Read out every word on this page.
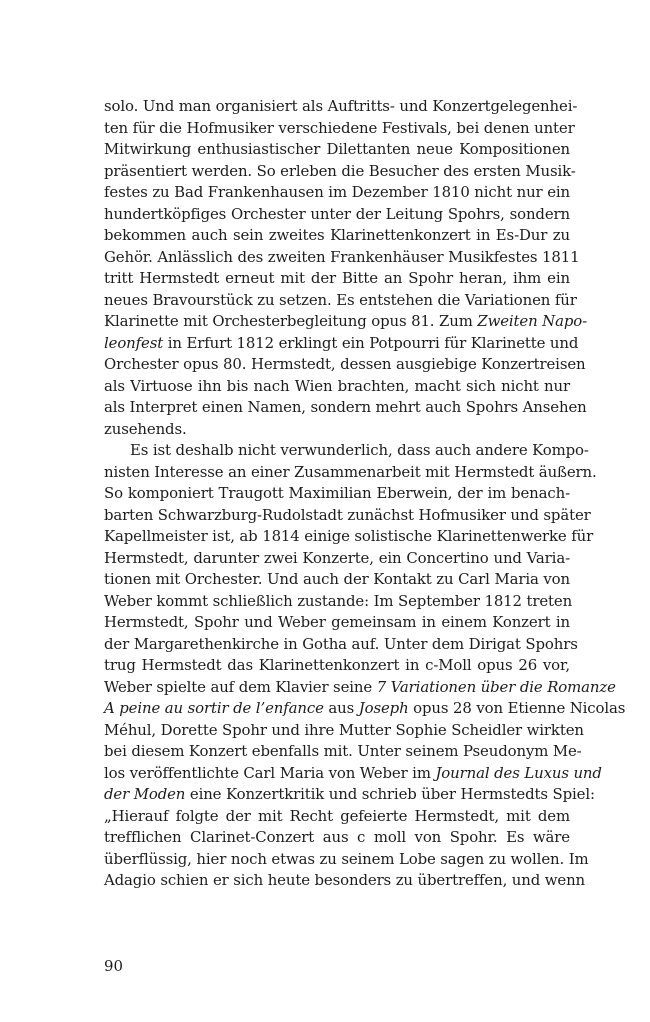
solo. Und man organisiert als Auftritts- und Konzertgelegenhei-
ten für die Hofmusiker verschiedene Festivals, bei denen unter
Mitwirkung enthusiastischer Dilettanten neue Kompositionen
präsentiert werden. So erleben die Besucher des ersten Musik-
festes zu Bad Frankenhausen im Dezember 1810 nicht nur ein
hundertköpfiges Orchester unter der Leitung Spohrs, sondern
bekommen auch sein zweites Klarinettenkonzert in Es-Dur zu
Gehör. Anlässlich des zweiten Frankenhäuser Musikfestes 1811
tritt Hermstedt erneut mit der Bitte an Spohr heran, ihm ein
neues Bravourstück zu setzen. Es entstehen die Variationen für
Klarinette mit Orchesterbegleitung opus 81. Zum Zweiten Napo-
leonfest in Erfurt 1812 erklingt ein Potpourri für Klarinette und
Orchester opus 80. Hermstedt, dessen ausgiebige Konzertreisen
als Virtuose ihn bis nach Wien brachten, macht sich nicht nur
als Interpret einen Namen, sondern mehrt auch Spohrs Ansehen
zusehends.
Es ist deshalb nicht verwunderlich, dass auch andere Kompo-
nisten Interesse an einer Zusammenarbeit mit Hermstedt äußern.
So komponiert Traugott Maximilian Eberwein, der im benach-
barten Schwarzburg-Rudolstadt zunächst Hofmusiker und später
Kapellmeister ist, ab 1814 einige solistische Klarinettenwerke für
Hermstedt, darunter zwei Konzerte, ein Concertino und Varia-
tionen mit Orchester. Und auch der Kontakt zu Carl Maria von
Weber kommt schließlich zustande: Im September 1812 treten
Hermstedt, Spohr und Weber gemeinsam in einem Konzert in
der Margarethenkirche in Gotha auf. Unter dem Dirigat Spohrs
trug Hermstedt das Klarinettenkonzert in c-Moll opus 26 vor,
Weber spielte auf dem Klavier seine 7 Variationen über die Romanze
A peine au sortir de l’enfance aus Joseph opus 28 von Etienne Nicolas
Méhul, Dorette Spohr und ihre Mutter Sophie Scheidler wirkten
bei diesem Konzert ebenfalls mit. Unter seinem Pseudonym Me-
los veröffentlichte Carl Maria von Weber im Journal des Luxus und
der Moden eine Konzertkritik und schrieb über Hermstedts Spiel:
„Hierauf folgte der mit Recht gefeierte Hermstedt, mit dem
trefflichen Clarinet-Conzert aus c moll von Spohr. Es wäre
überflüssig, hier noch etwas zu seinem Lobe sagen zu wollen. Im
Adagio schien er sich heute besonders zu übertreffen, und wenn
90
